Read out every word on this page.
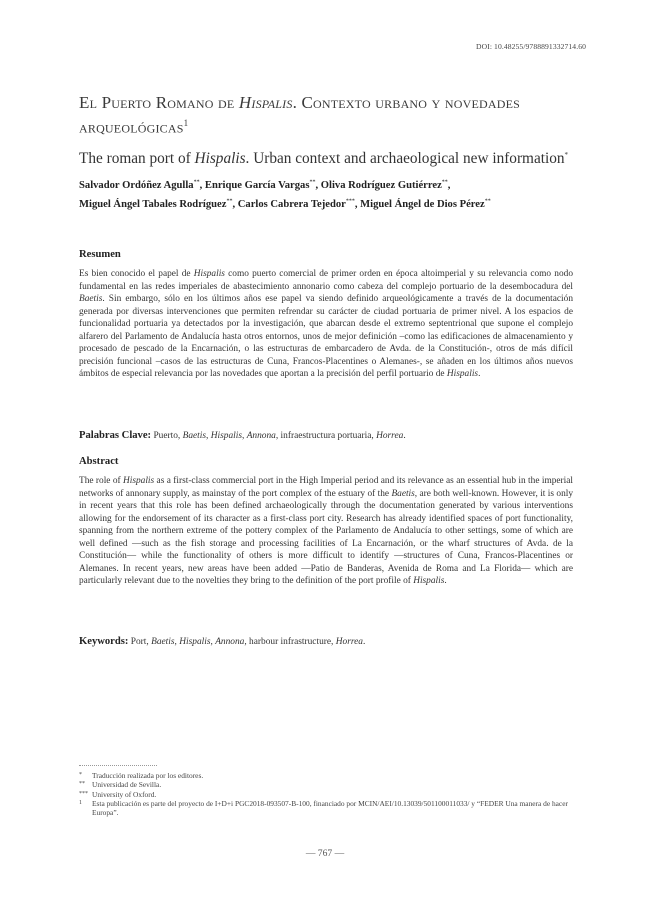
DOI: 10.48255/9788891332714.60
El Puerto Romano de Hispalis. Contexto urbano y novedades
arqueológicas$^1$
The roman port of Hispalis. Urban context and archaeological new information*
Salvador Ordóñez Agulla**, Enrique García Vargas**, Oliva Rodríguez Gutiérrez**,
Miguel Ángel Tabales Rodríguez**, Carlos Cabrera Tejedor***, Miguel Ángel de Dios Pérez**
Resumen
Es bien conocido el papel de Hispalis como puerto comercial de primer orden en época altoimperial y su relevancia como nodo fundamental en las redes imperiales de abastecimiento annonario como cabeza del complejo portuario de la desembocadura del Baetis. Sin embargo, sólo en los últimos años ese papel va siendo definido arqueológicamente a través de la documentación generada por diversas intervenciones que permiten refrendar su carácter de ciudad portuaria de primer nivel. A los espacios de funcionalidad portuaria ya detectados por la investigación, que abarcan desde el extremo septentrional que supone el complejo alfarero del Parlamento de Andalucía hasta otros entornos, unos de mejor definición –como las edificaciones de almacenamiento y procesado de pescado de la Encarnación, o las estructuras de embarcadero de Avda. de la Constitución-, otros de más difícil precisión funcional –casos de las estructuras de Cuna, Francos-Placentines o Alemanes-, se añaden en los últimos años nuevos ámbitos de especial relevancia por las novedades que aportan a la precisión del perfil portuario de Hispalis.
Palabras Clave: Puerto, Baetis, Hispalis, Annona, infraestructura portuaria, Horrea.
Abstract
The role of Hispalis as a first-class commercial port in the High Imperial period and its relevance as an essential hub in the imperial networks of annonary supply, as mainstay of the port complex of the estuary of the Baetis, are both well-known. However, it is only in recent years that this role has been defined archaeologically through the documentation generated by various interventions allowing for the endorsement of its character as a first-class port city. Research has already identified spaces of port functionality, spanning from the northern extreme of the pottery complex of the Parlamento de Andalucía to other settings, some of which are well defined —such as the fish storage and processing facilities of La Encarnación, or the wharf structures of Avda. de la Constitución— while the functionality of others is more difficult to identify —structures of Cuna, Francos-Placentines or Alemanes. In recent years, new areas have been added —Patio de Banderas, Avenida de Roma and La Florida— which are particularly relevant due to the novelties they bring to the definition of the port profile of Hispalis.
Keywords: Port, Baetis, Hispalis, Annona, harbour infrastructure, Horrea.
*	Traducción realizada por los editores.
** Universidad de Sevilla.
*** University of Oxford.
1	Esta publicación es parte del proyecto de I+D+i PGC2018-093507-B-100, financiado por MCIN/AEI/10.13039/501100011033/ y “FEDER Una manera de hacer Europa”.
— 767 —
